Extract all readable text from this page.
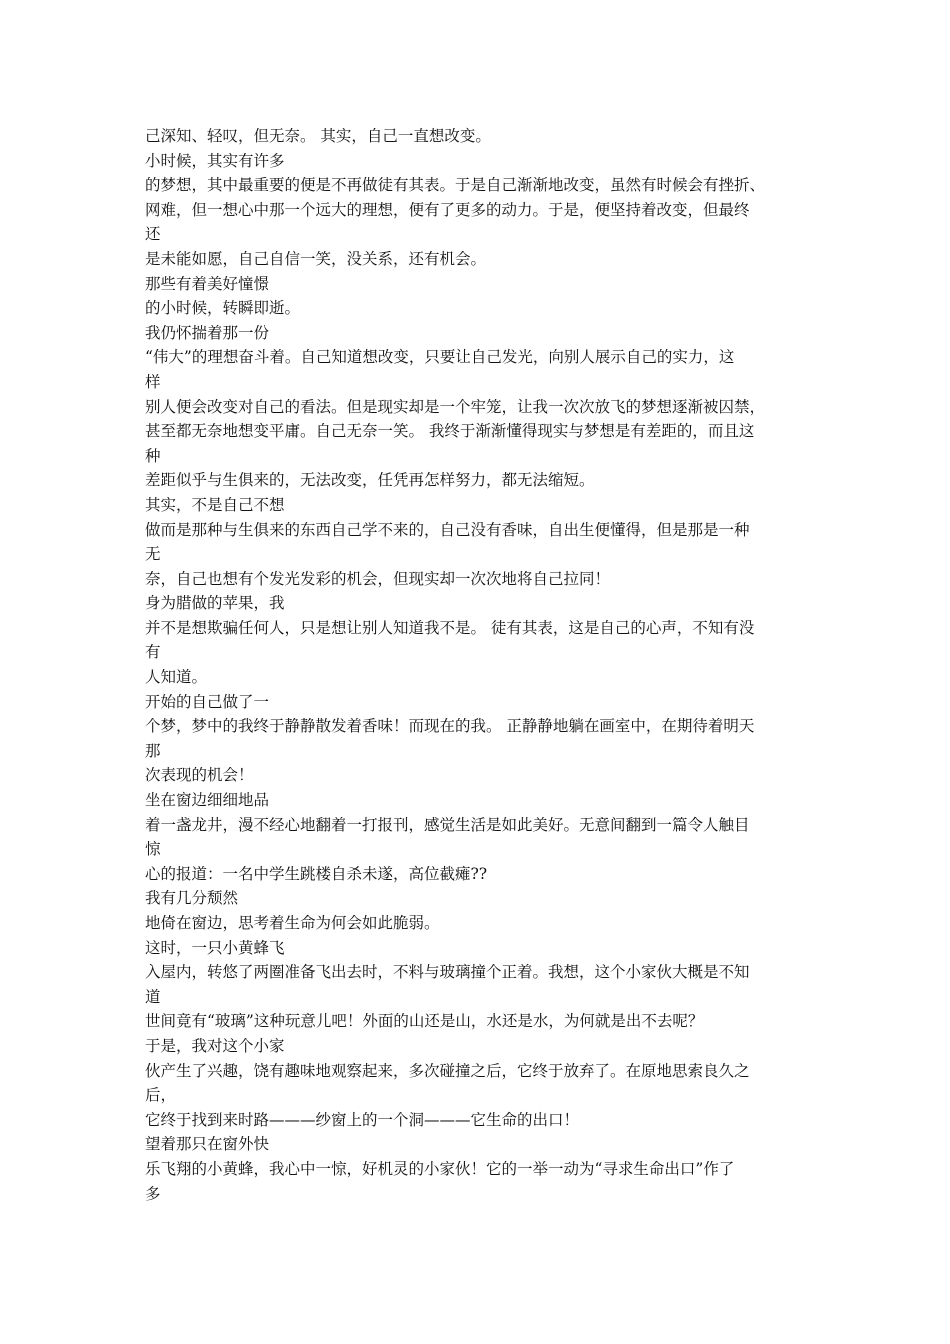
己深知、轻叹，但无奈。 其实，自己一直想改变。
小时候，其实有许多
的梦想，其中最重要的便是不再做徒有其表。于是自己渐渐地改变，虽然有时候会有挫折、
网难，但一想心中那一个远大的理想，便有了更多的动力。于是，便坚持着改变，但最终
还
是未能如愿，自己自信一笑，没关系，还有机会。
那些有着美好憧憬
的小时候，转瞬即逝。
我仍怀揣着那一份
“伟大”的理想奋斗着。自己知道想改变，只要让自己发光，向别人展示自己的实力，这
样
别人便会改变对自己的看法。但是现实却是一个牢笼，让我一次次放飞的梦想逐渐被囚禁，
甚至都无奈地想变平庸。自己无奈一笑。 我终于渐渐懂得现实与梦想是有差距的，而且这
种
差距似乎与生俱来的，无法改变，任凭再怎样努力，都无法缩短。
其实，不是自己不想
做而是那种与生俱来的东西自己学不来的，自己没有香味，自出生便懂得，但是那是一种
无
奈，自己也想有个发光发彩的机会，但现实却一次次地将自己拉同！
身为腊做的苹果，我
并不是想欺骗任何人，只是想让别人知道我不是。 徒有其表，这是自己的心声，不知有没
有
人知道。
开始的自己做了一
个梦，梦中的我终于静静散发着香味！而现在的我。 正静静地躺在画室中，在期待着明天
那
次表现的机会！
坐在窗边细细地品
着一盏龙井，漫不经心地翻着一打报刊，感觉生活是如此美好。无意间翻到一篇令人触目
惊
心的报道：一名中学生跳楼自杀未遂，高位截瘫??
我有几分颓然
地倚在窗边，思考着生命为何会如此脆弱。
这时，一只小黄蜂飞
入屋内，转悠了两圈准备飞出去时，不料与玻璃撞个正着。我想，这个小家伙大概是不知
道
世间竟有“玻璃”这种玩意儿吧！外面的山还是山，水还是水，为何就是出不去呢？
于是，我对这个小家
伙产生了兴趣，饶有趣味地观察起来，多次碰撞之后，它终于放弃了。在原地思索良久之
后，
它终于找到来时路———纱窗上的一个洞———它生命的出口！
望着那只在窗外快
乐飞翔的小黄蜂，我心中一惊，好机灵的小家伙！它的一举一动为“寻求生命出口”作了
多
